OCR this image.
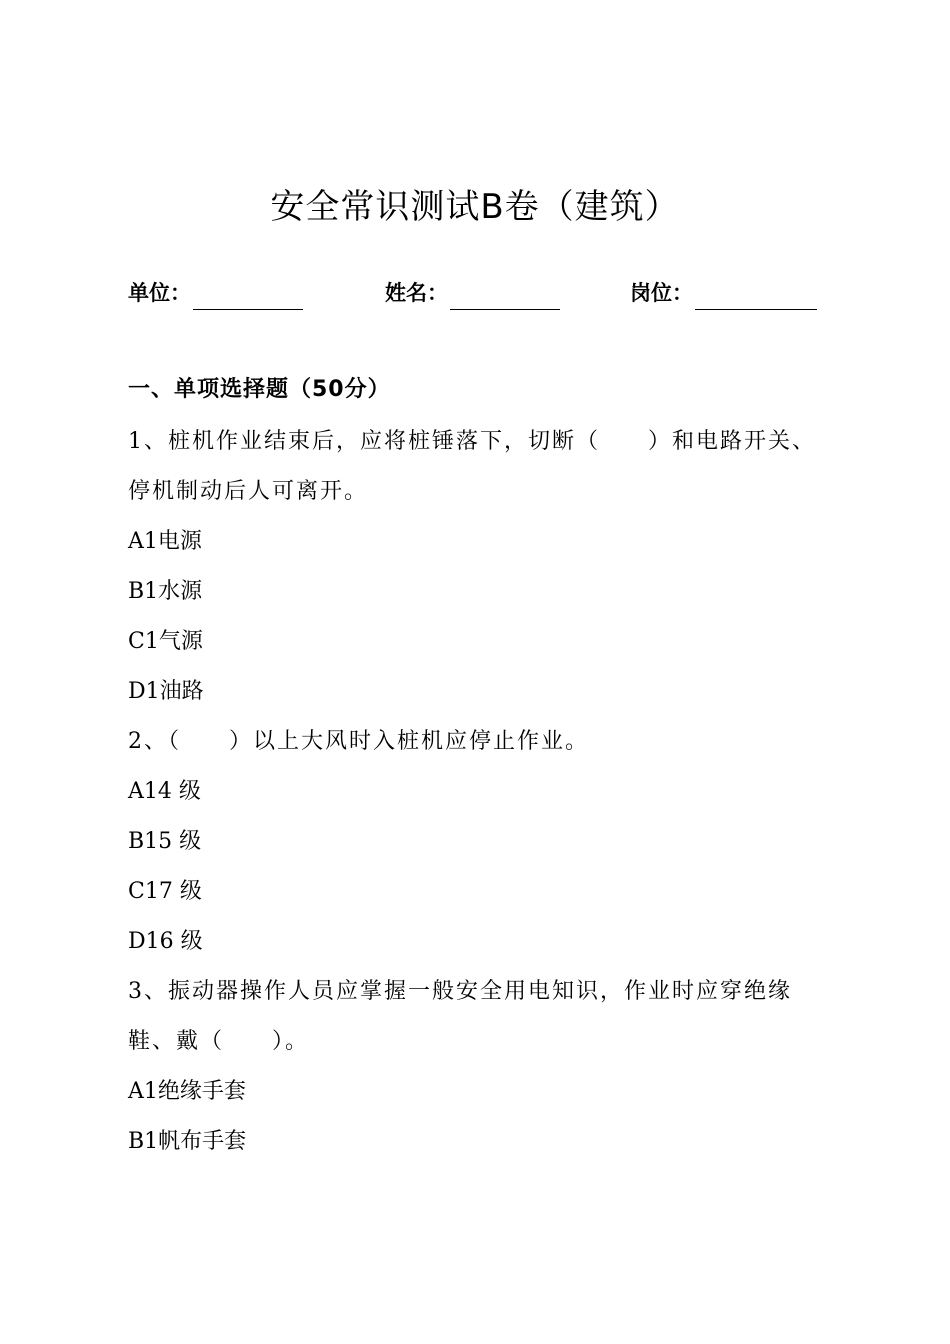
安全常识测试B卷（建筑）
单位：	姓名：	岗位：
一、单项选择题（50分）
1、桩机作业结束后，应将桩锤落下，切断（　　）和电路开关、
停机制动后人可离开。
A1电源
B1水源
C1气源
D1油路
2、（　　）以上大风时⼊桩机应停止作业。
A14 级
B15 级
C17 级
D16 级
3、振动器操作人员应掌握一般安全用电知识，作业时应穿绝缘
鞋、戴（　　）。
A1绝缘手套
B1帆布手套
